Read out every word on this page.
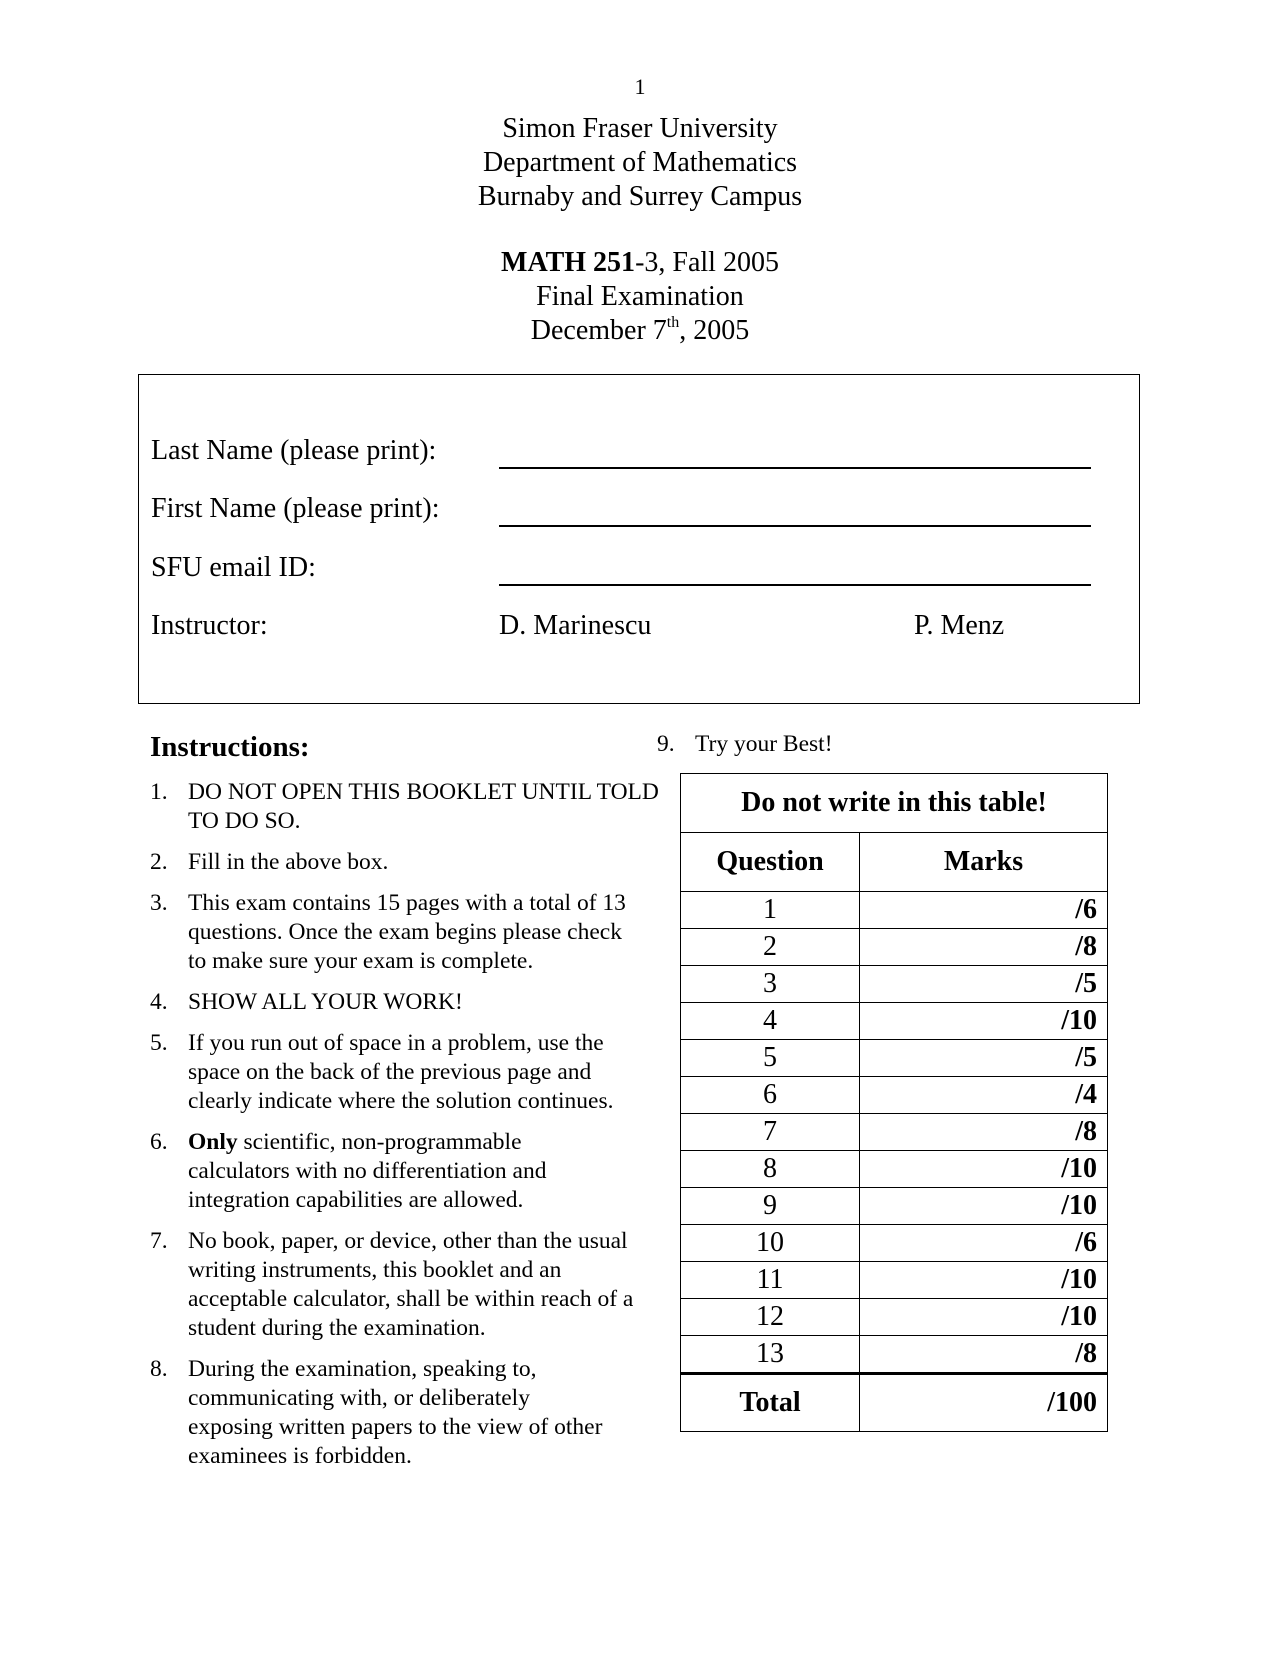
1
Simon Fraser University
Department of Mathematics
Burnaby and Surrey Campus
MATH 251-3, Fall 2005
Final Examination
December 7th, 2005
Last Name (please print):
First Name (please print):
SFU email ID:
Instructor:	D. Marinescu	P. Menz
Instructions:
1. DO NOT OPEN THIS BOOKLET UNTIL TOLD TO DO SO.
2. Fill in the above box.
3. This exam contains 15 pages with a total of 13 questions. Once the exam begins please check to make sure your exam is complete.
4. SHOW ALL YOUR WORK!
5. If you run out of space in a problem, use the space on the back of the previous page and clearly indicate where the solution continues.
6. Only scientific, non-programmable calculators with no differentiation and integration capabilities are allowed.
7. No book, paper, or device, other than the usual writing instruments, this booklet and an acceptable calculator, shall be within reach of a student during the examination.
8. During the examination, speaking to, communicating with, or deliberately exposing written papers to the view of other examinees is forbidden.
9. Try your Best!
Do not write in this table!	
Question	Marks
1	/6
2	/8
3	/5
4	/10
5	/5
6	/4
7	/8
8	/10
9	/10
10	/6
11	/10
12	/10
13	/8
Total	/100
